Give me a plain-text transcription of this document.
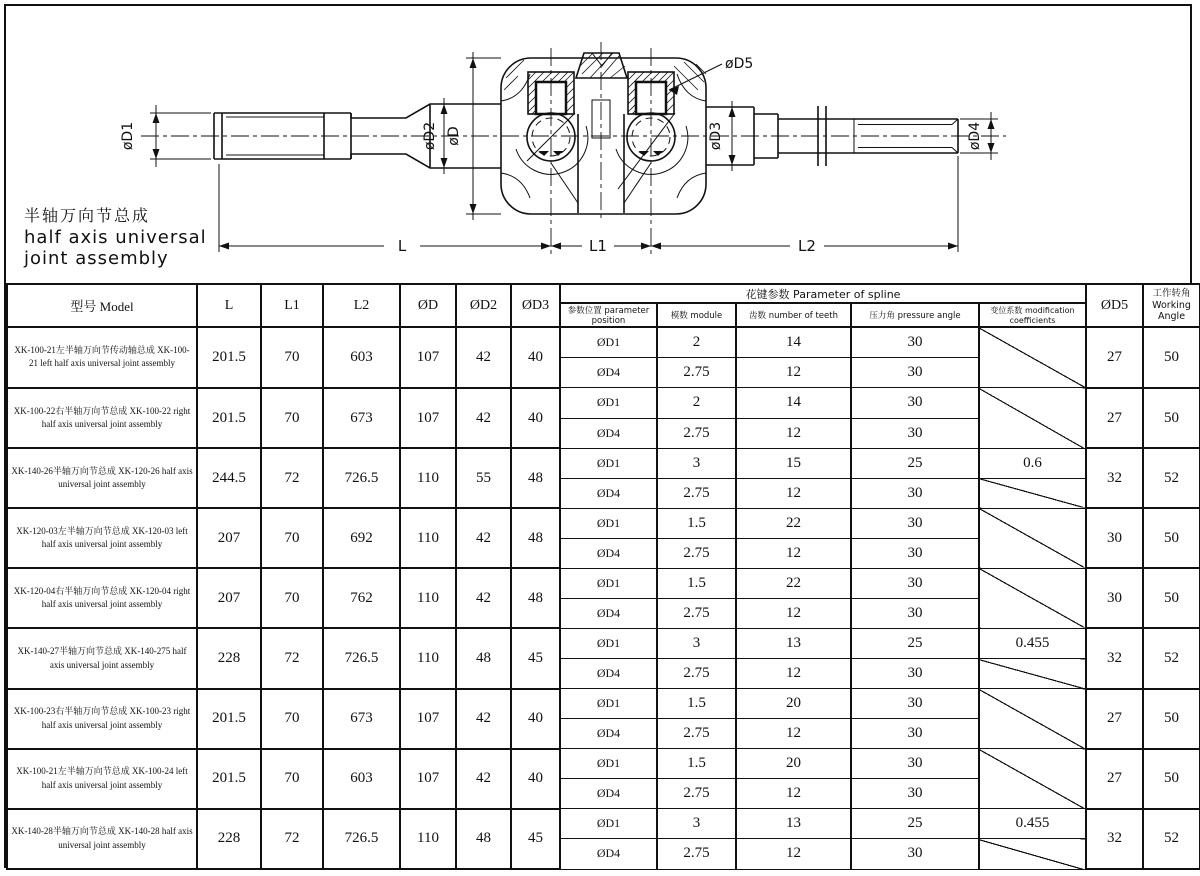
øD1	øD2 øD
øD5
øD3	øD4
L	L1	L2
半轴万向节总成
half axis universal
joint assembly
型号 Model	L	L1	L2	ØD	ØD2	ØD3	花键参数 Parameter of spline					ØD5	工作转角
Working Angle

							参数位置 parameter position	模数 module	齿数 number of teeth	压力角 pressure angle	变位系数 modification coefficients		

XK-100-21左半轴万向节传动轴总成 XK-100-21 left half axis universal joint assembly	201.5	70	603	107	42	40	ØD1	2	14	30		27	50
							ØD4	2.75	12	30			

XK-100-22右半轴万向节总成 XK-100-22 right half axis universal joint assembly	201.5	70	673	107	42	40	ØD1	2	14	30		27	50
							ØD4	2.75	12	30			

XK-140-26半轴万向节总成 XK-120-26 half axis universal joint assembly	244.5	72	726.5	110	55	48	ØD1	3	15	25	0.6	32	52
							ØD4	2.75	12	30			

XK-120-03左半轴万向节总成 XK-120-03 left half axis universal joint assembly	207	70	692	110	42	48	ØD1	1.5	22	30		30	50
							ØD4	2.75	12	30			

XK-120-04右半轴万向节总成 XK-120-04 right half axis universal joint assembly	207	70	762	110	42	48	ØD1	1.5	22	30		30	50
							ØD4	2.75	12	30			

XK-140-27半轴万向节总成 XK-140-275 half axis universal joint assembly	228	72	726.5	110	48	45	ØD1	3	13	25	0.455	32	52
							ØD4	2.75	12	30			

XK-100-23右半轴万向节总成 XK-100-23 right half axis universal joint assembly	201.5	70	673	107	42	40	ØD1	1.5	20	30		27	50
							ØD4	2.75	12	30			

XK-100-21左半轴万向节总成 XK-100-24 left half axis universal joint assembly	201.5	70	603	107	42	40	ØD1	1.5	20	30		27	50
							ØD4	2.75	12	30			

XK-140-28半轴万向节总成 XK-140-28 half axis universal joint assembly	228	72	726.5	110	48	45	ØD1	3	13	25	0.455	32	52
							ØD4	2.75	12	30			
